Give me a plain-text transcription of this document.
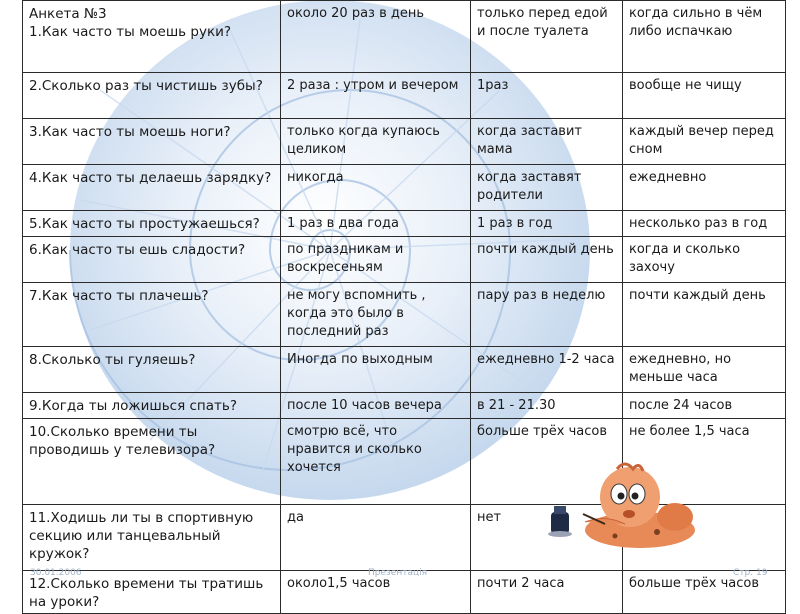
Анкета №3
1.Как часто ты моешь руки?	около 20 раз в день	только перед едой и после туалета	когда сильно в чём либо испачкаю
2.Сколько раз ты чистишь зубы?	2 раза : утром и вечером	1раз	вообще не чищу
3.Как часто ты моешь ноги?	только когда купаюсь целиком	когда заставит мама	каждый вечер перед сном
4.Как часто ты делаешь зарядку?	никогда	когда заставят родители	ежедневно
5.Как часто ты простужаешься?	1 раз в два года	1 раз в год	несколько раз в год
6.Как часто ты ешь сладости?	по праздникам и воскресеньям	почти каждый день	когда и сколько захочу
7.Как часто ты плачешь?	не могу вспомнить , когда это было в последний раз	пару раз в неделю	почти каждый день
8.Сколько ты гуляешь?	Иногда по выходным	ежедневно 1-2 часа	ежедневно, но меньше часа
9.Когда ты ложишься спать?	после 10 часов вечера	в 21 - 21.30	после 24 часов
10.Сколько времени ты проводишь у телевизора?	смотрю всё, что нравится и сколько хочется	больше трёх часов	не более 1,5 часа
11.Ходишь ли ты в спортивную секцию или танцевальный кружок?	да	нет	
12.Сколько времени ты тратишь на уроки?	около1,5 часов	почти 2 часа	больше трёх часов
30.01.2006	Презентація	Стр. 19
